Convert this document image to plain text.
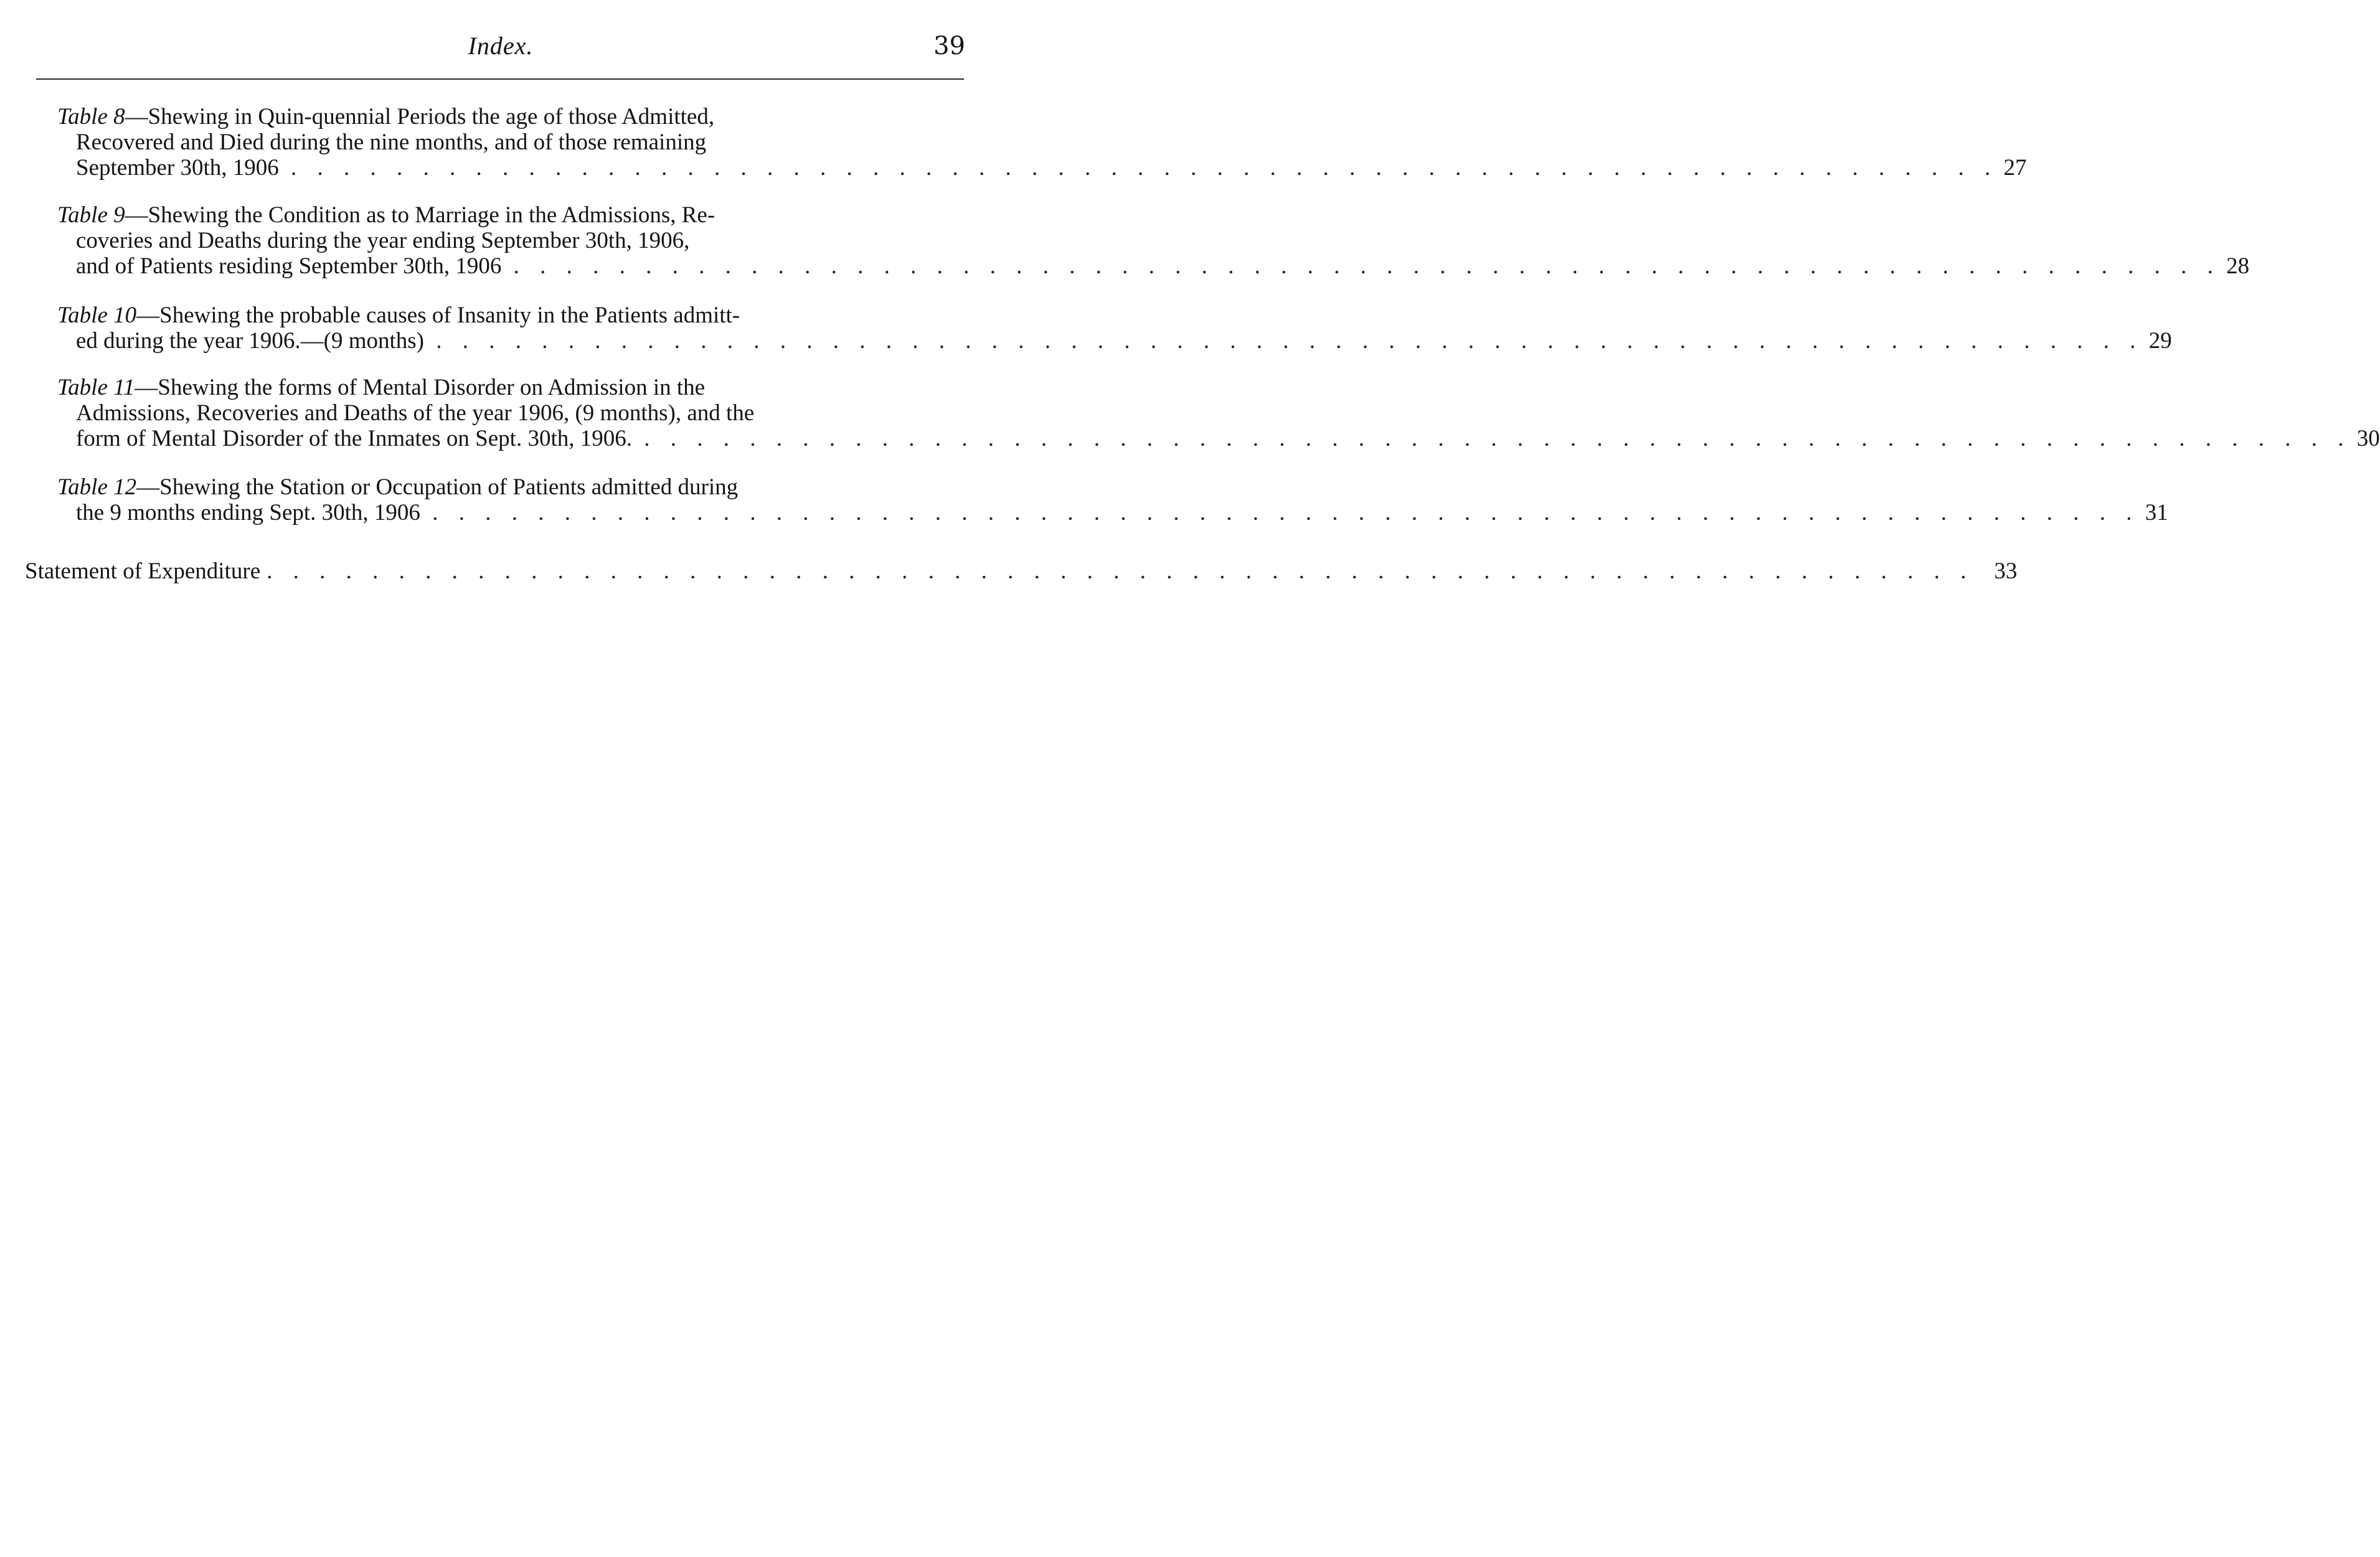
Index.	39
Table 8—Shewing in Quin-quennial Periods the age of those Admitted,
Recovered and Died during the nine months, and of those remaining
September 30th, 1906 . . . . . . . . . . . . . . . . . . . . . . . . . . . . . . . . . . . . . . . . . . . . . . . . . . . . . . . . . . . . . . . . . 27
Table 9—Shewing the Condition as to Marriage in the Admissions, Re-
coveries and Deaths during the year ending September 30th, 1906,
and of Patients residing September 30th, 1906 . . . . . . . . . . . . . . . . . . . . . . . . . . . . . . . . . . . . . . . . . . . . . . . . . . . . . . . . . . . . . . . . . 28
Table 10—Shewing the probable causes of Insanity in the Patients admitt-
ed during the year 1906.—(9 months) . . . . . . . . . . . . . . . . . . . . . . . . . . . . . . . . . . . . . . . . . . . . . . . . . . . . . . . . . . . . . . . . . 29
Table 11—Shewing the forms of Mental Disorder on Admission in the
Admissions, Recoveries and Deaths of the year 1906, (9 months), and the
form of Mental Disorder of the Inmates on Sept. 30th, 1906. . . . . . . . . . . . . . . . . . . . . . . . . . . . . . . . . . . . . . . . . . . . . . . . . . . . . . . . . . . . . . . . . . 30
Table 12—Shewing the Station or Occupation of Patients admitted during
the 9 months ending Sept. 30th, 1906 . . . . . . . . . . . . . . . . . . . . . . . . . . . . . . . . . . . . . . . . . . . . . . . . . . . . . . . . . . . . . . . . . 31
Statement of Expenditure . . . . . . . . . . . . . . . . . . . . . . . . . . . . . . . . . . . . . . . . . . . . . . . . . . . . . . . . . . . . . . . . . 33
